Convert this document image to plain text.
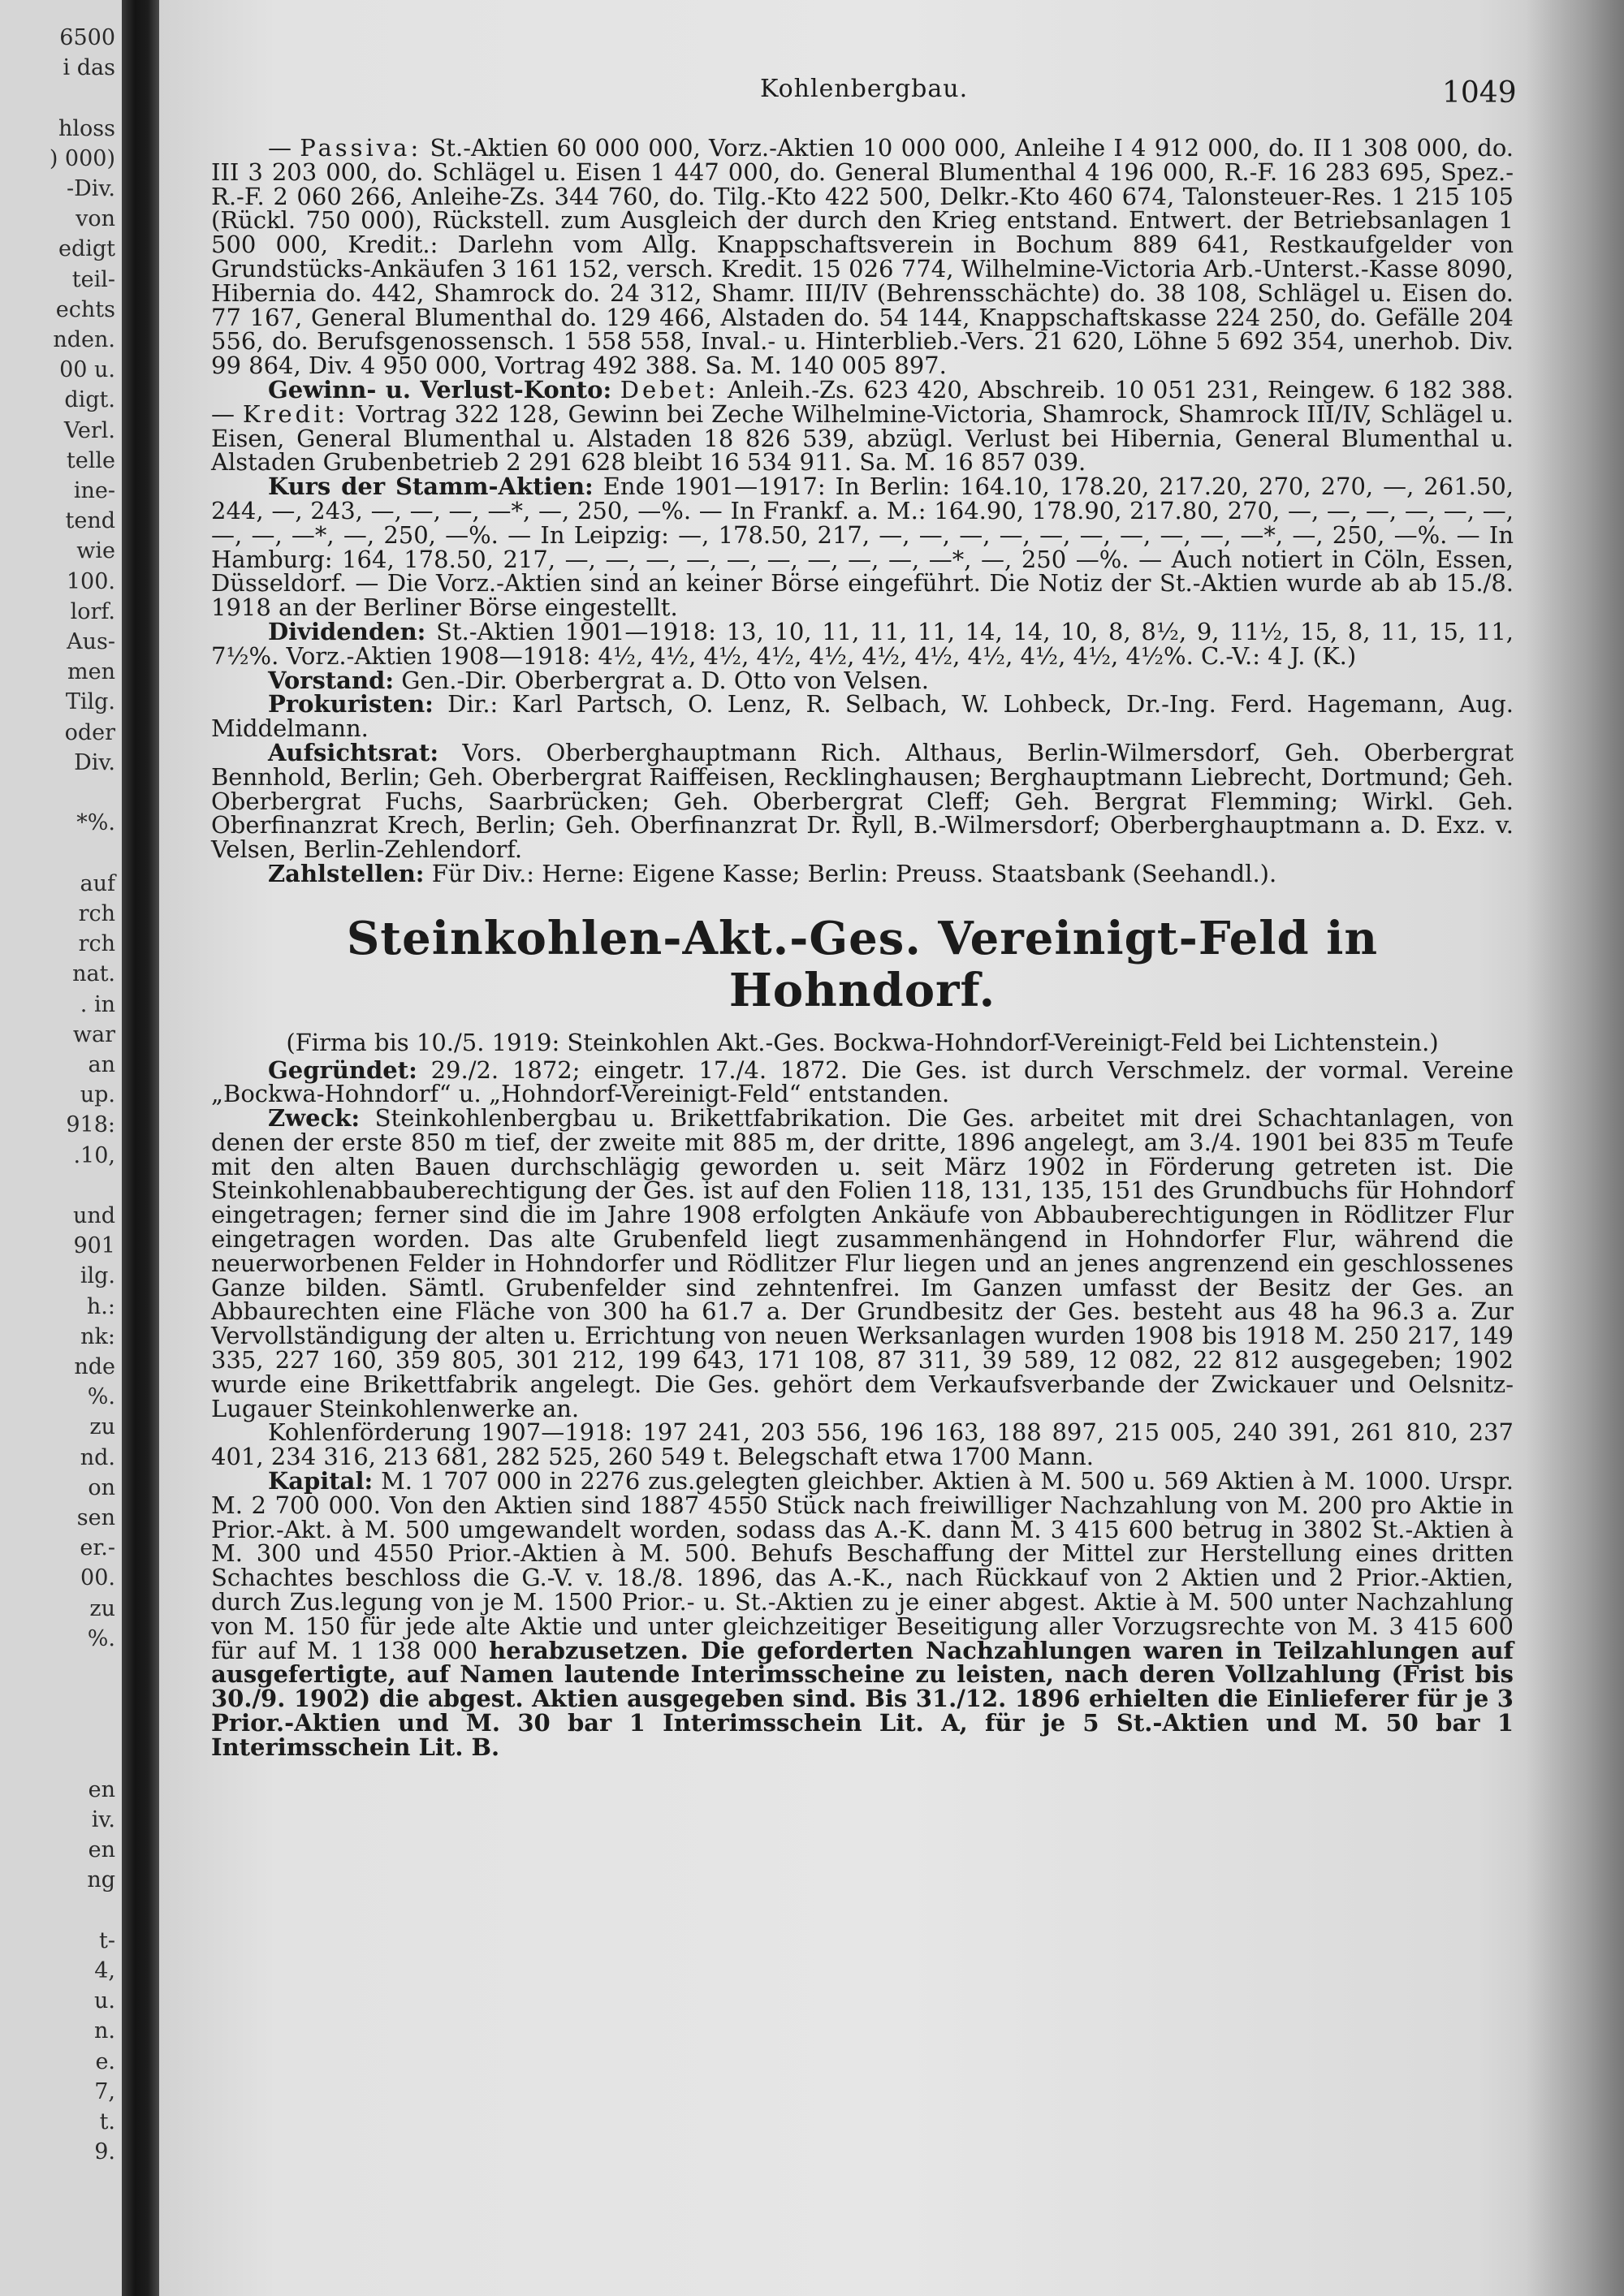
6500
i das

hloss
) 000)
-Div.
von
edigt
teil-
echts
nden.
00 u.
digt.
Verl.
telle
ine-
tend
wie
100.
lorf.
Aus-
men
Tilg.
oder
Div.

*%.

auf
rch
rch
nat.
. in
war
an
up.
918:
.10,

und
901
ilg.
h.:
nk:
nde
%.
zu
nd.
on
sen
er.-
00.
zu
%.

en
iv.
en
ng

t-
4,
u.
n.
e.
7,
t.
9.
Kohlenbergbau.	1049

— Passiva: St.-Aktien 60 000 000, Vorz.-Aktien 10 000 000, Anleihe I 4 912 000, do. II 1 308 000, do. III 3 203 000, do. Schlägel u. Eisen 1 447 000, do. General Blumenthal 4 196 000, R.-F. 16 283 695, Spez.-R.-F. 2 060 266, Anleihe-Zs. 344 760, do. Tilg.-Kto 422 500, Delkr.-Kto 460 674, Talonsteuer-Res. 1 215 105 (Rückl. 750 000), Rückstell. zum Ausgleich der durch den Krieg entstand. Entwert. der Betriebsanlagen 1 500 000, Kredit.: Darlehn vom Allg. Knappschaftsverein in Bochum 889 641, Restkaufgelder von Grundstücks-Ankäufen 3 161 152, versch. Kredit. 15 026 774, Wilhelmine-Victoria Arb.-Unterst.-Kasse 8090, Hibernia do. 442, Shamrock do. 24 312, Shamr. III/IV (Behrensschächte) do. 38 108, Schlägel u. Eisen do. 77 167, General Blumenthal do. 129 466, Alstaden do. 54 144, Knappschaftskasse 224 250, do. Gefälle 204 556, do. Berufsgenossensch. 1 558 558, Inval.- u. Hinterblieb.-Vers. 21 620, Löhne 5 692 354, unerhob. Div. 99 864, Div. 4 950 000, Vortrag 492 388. Sa. M. 140 005 897.

Gewinn- u. Verlust-Konto: Debet: Anleih.-Zs. 623 420, Abschreib. 10 051 231, Reingew. 6 182 388. — Kredit: Vortrag 322 128, Gewinn bei Zeche Wilhelmine-Victoria, Shamrock, Shamrock III/IV, Schlägel u. Eisen, General Blumenthal u. Alstaden 18 826 539, abzügl. Verlust bei Hibernia, General Blumenthal u. Alstaden Grubenbetrieb 2 291 628 bleibt 16 534 911. Sa. M. 16 857 039.

Kurs der Stamm-Aktien: Ende 1901—1917: In Berlin: 164.10, 178.20, 217.20, 270, 270, —, 261.50, 244, —, 243, —, —, —, —*, —, 250, —%. — In Frankf. a. M.: 164.90, 178.90, 217.80, 270, —, —, —, —, —, —, —, —, —*, —, 250, —%. — In Leipzig: —, 178.50, 217, —, —, —, —, —, —, —, —, —, —*, —, 250, —%. — In Hamburg: 164, 178.50, 217, —, —, —, —, —, —, —, —, —, —*, —, 250 —%. — Auch notiert in Cöln, Essen, Düsseldorf. — Die Vorz.-Aktien sind an keiner Börse eingeführt. Die Notiz der St.-Aktien wurde ab ab 15./8. 1918 an der Berliner Börse eingestellt.

Dividenden: St.-Aktien 1901—1918: 13, 10, 11, 11, 11, 14, 14, 10, 8, 8½, 9, 11½, 15, 8, 11, 15, 11, 7½%. Vorz.-Aktien 1908—1918: 4½, 4½, 4½, 4½, 4½, 4½, 4½, 4½, 4½, 4½, 4½%. C.-V.: 4 J. (K.)

Vorstand: Gen.-Dir. Oberbergrat a. D. Otto von Velsen.

Prokuristen: Dir.: Karl Partsch, O. Lenz, R. Selbach, W. Lohbeck, Dr.-Ing. Ferd. Hagemann, Aug. Middelmann.

Aufsichtsrat: Vors. Oberberghauptmann Rich. Althaus, Berlin-Wilmersdorf, Geh. Oberbergrat Bennhold, Berlin; Geh. Oberbergrat Raiffeisen, Recklinghausen; Berghauptmann Liebrecht, Dortmund; Geh. Oberbergrat Fuchs, Saarbrücken; Geh. Oberbergrat Cleff; Geh. Bergrat Flemming; Wirkl. Geh. Oberfinanzrat Krech, Berlin; Geh. Oberfinanzrat Dr. Ryll, B.-Wilmersdorf; Oberberghauptmann a. D. Exz. v. Velsen, Berlin-Zehlendorf.

Zahlstellen: Für Div.: Herne: Eigene Kasse; Berlin: Preuss. Staatsbank (Seehandl.).

Steinkohlen-Akt.-Ges. Vereinigt-Feld in Hohndorf.

(Firma bis 10./5. 1919: Steinkohlen Akt.-Ges. Bockwa-Hohndorf-Vereinigt-Feld bei Lichtenstein.)

Gegründet: 29./2. 1872; eingetr. 17./4. 1872. Die Ges. ist durch Verschmelz. der vormal. Vereine „Bockwa-Hohndorf“ u. „Hohndorf-Vereinigt-Feld“ entstanden.

Zweck: Steinkohlenbergbau u. Brikettfabrikation. Die Ges. arbeitet mit drei Schachtanlagen, von denen der erste 850 m tief, der zweite mit 885 m, der dritte, 1896 angelegt, am 3./4. 1901 bei 835 m Teufe mit den alten Bauen durchschlägig geworden u. seit März 1902 in Förderung getreten ist. Die Steinkohlenabbauberechtigung der Ges. ist auf den Folien 118, 131, 135, 151 des Grundbuchs für Hohndorf eingetragen; ferner sind die im Jahre 1908 erfolgten Ankäufe von Abbauberechtigungen in Rödlitzer Flur eingetragen worden. Das alte Grubenfeld liegt zusammenhängend in Hohndorfer Flur, während die neuerworbenen Felder in Hohndorfer und Rödlitzer Flur liegen und an jenes angrenzend ein geschlossenes Ganze bilden. Sämtl. Grubenfelder sind zehntenfrei. Im Ganzen umfasst der Besitz der Ges. an Abbaurechten eine Fläche von 300 ha 61.7 a. Der Grundbesitz der Ges. besteht aus 48 ha 96.3 a. Zur Vervollständigung der alten u. Errichtung von neuen Werksanlagen wurden 1908 bis 1918 M. 250 217, 149 335, 227 160, 359 805, 301 212, 199 643, 171 108, 87 311, 39 589, 12 082, 22 812 ausgegeben; 1902 wurde eine Brikettfabrik angelegt. Die Ges. gehört dem Verkaufsverbande der Zwickauer und Oelsnitz-Lugauer Steinkohlenwerke an.

Kohlenförderung 1907—1918: 197 241, 203 556, 196 163, 188 897, 215 005, 240 391, 261 810, 237 401, 234 316, 213 681, 282 525, 260 549 t. Belegschaft etwa 1700 Mann.

Kapital: M. 1 707 000 in 2276 zus.gelegten gleichber. Aktien à M. 500 u. 569 Aktien à M. 1000. Urspr. M. 2 700 000. Von den Aktien sind 1887 4550 Stück nach freiwilliger Nachzahlung von M. 200 pro Aktie in Prior.-Akt. à M. 500 umgewandelt worden, sodass das A.-K. dann M. 3 415 600 betrug in 3802 St.-Aktien à M. 300 und 4550 Prior.-Aktien à M. 500. Behufs Beschaffung der Mittel zur Herstellung eines dritten Schachtes beschloss die G.-V. v. 18./8. 1896, das A.-K., nach Rückkauf von 2 Aktien und 2 Prior.-Aktien, durch Zus.legung von je M. 1500 Prior.- u. St.-Aktien zu je einer abgest. Aktie à M. 500 unter Nachzahlung von M. 150 für jede alte Aktie und unter gleichzeitiger Beseitigung aller Vorzugsrechte von M. 3 415 600 für auf M. 1 138 000 herabzusetzen. Die geforderten Nachzahlungen waren in Teilzahlungen auf ausgefertigte, auf Namen lautende Interimsscheine zu leisten, nach deren Vollzahlung (Frist bis 30./9. 1902) die abgest. Aktien ausgegeben sind. Bis 31./12. 1896 erhielten die Einlieferer für je 3 Prior.-Aktien und M. 30 bar 1 Interimsschein Lit. A, für je 5 St.-Aktien und M. 50 bar 1 Interimsschein Lit. B.
